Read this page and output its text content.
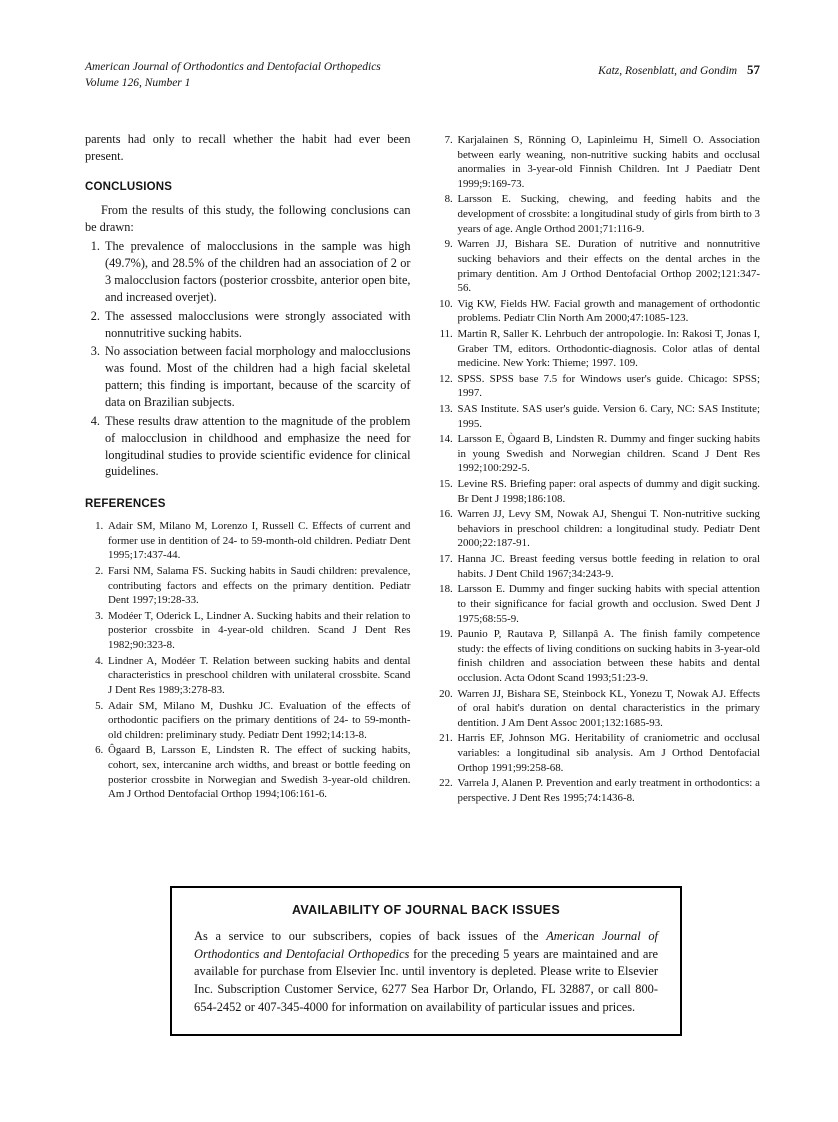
American Journal of Orthodontics and Dentofacial Orthopedics
Volume 126, Number 1
Katz, Rosenblatt, and Gondim 57

parents had only to recall whether the habit had ever been present.

CONCLUSIONS

From the results of this study, the following conclusions can be drawn:

1. The prevalence of malocclusions in the sample was high (49.7%), and 28.5% of the children had an association of 2 or 3 malocclusion factors (posterior crossbite, anterior open bite, and increased overjet).
2. The assessed malocclusions were strongly associated with nonnutritive sucking habits.
3. No association between facial morphology and malocclusions was found. Most of the children had a high facial skeletal pattern; this finding is important, because of the scarcity of data on Brazilian subjects.
4. These results draw attention to the magnitude of the problem of malocclusion in childhood and emphasize the need for longitudinal studies to provide scientific evidence for clinical guidelines.
REFERENCES
1. Adair SM, Milano M, Lorenzo I, Russell C. Effects of current and former use in dentition of 24- to 59-month-old children. Pediatr Dent 1995;17:437-44.
2. Farsi NM, Salama FS. Sucking habits in Saudi children: prevalence, contributing factors and effects on the primary dentition. Pediatr Dent 1997;19:28-33.
3. Modéer T, Oderick L, Lindner A. Sucking habits and their relation to posterior crossbite in 4-year-old children. Scand J Dent Res 1982;90:323-8.
4. Lindner A, Modéer T. Relation between sucking habits and dental characteristics in preschool children with unilateral crossbite. Scand J Dent Res 1989;3:278-83.
5. Adair SM, Milano M, Dushku JC. Evaluation of the effects of orthodontic pacifiers on the primary dentitions of 24- to 59-month-old children: preliminary study. Pediatr Dent 1992;14:13-8.
6. Ôgaard B, Larsson E, Lindsten R. The effect of sucking habits, cohort, sex, intercanine arch widths, and breast or bottle feeding on posterior crossbite in Norwegian and Swedish 3-year-old children. Am J Orthod Dentofacial Orthop 1994;106:161-6.
7. Karjalainen S, Rönning O, Lapinleimu H, Simell O. Association between early weaning, non-nutritive sucking habits and occlusal anormalies in 3-year-old Finnish Children. Int J Paediatr Dent 1999;9:169-73.
8. Larsson E. Sucking, chewing, and feeding habits and the development of crossbite: a longitudinal study of girls from birth to 3 years of age. Angle Orthod 2001;71:116-9.
9. Warren JJ, Bishara SE. Duration of nutritive and nonnutritive sucking behaviors and their effects on the dental arches in the primary dentition. Am J Orthod Dentofacial Orthop 2002;121:347-56.
10. Vig KW, Fields HW. Facial growth and management of orthodontic problems. Pediatr Clin North Am 2000;47:1085-123.
11. Martin R, Saller K. Lehrbuch der antropologie. In: Rakosi T, Jonas I, Graber TM, editors. Orthodontic-diagnosis. Color atlas of dental medicine. New York: Thieme; 1997. 109.
12. SPSS. SPSS base 7.5 for Windows user's guide. Chicago: SPSS; 1997.
13. SAS Institute. SAS user's guide. Version 6. Cary, NC: SAS Institute; 1995.
14. Larsson E, Ògaard B, Lindsten R. Dummy and finger sucking habits in young Swedish and Norwegian children. Scand J Dent Res 1992;100:292-5.
15. Levine RS. Briefing paper: oral aspects of dummy and digit sucking. Br Dent J 1998;186:108.
16. Warren JJ, Levy SM, Nowak AJ, Shengui T. Non-nutritive sucking behaviors in preschool children: a longitudinal study. Pediatr Dent 2000;22:187-91.
17. Hanna JC. Breast feeding versus bottle feeding in relation to oral habits. J Dent Child 1967;34:243-9.
18. Larsson E. Dummy and finger sucking habits with special attention to their significance for facial growth and occlusion. Swed Dent J 1975;68:55-9.
19. Paunio P, Rautava P, Sillanpâ A. The finish family competence study: the effects of living conditions on sucking habits in 3-year-old finish children and association between these habits and dental occlusion. Acta Odont Scand 1993;51:23-9.
20. Warren JJ, Bishara SE, Steinbock KL, Yonezu T, Nowak AJ. Effects of oral habit's duration on dental characteristics in the primary dentition. J Am Dent Assoc 2001;132:1685-93.
21. Harris EF, Johnson MG. Heritability of craniometric and occlusal variables: a longitudinal sib analysis. Am J Orthod Dentofacial Orthop 1991;99:258-68.
22. Varrela J, Alanen P. Prevention and early treatment in orthodontics: a perspective. J Dent Res 1995;74:1436-8.
AVAILABILITY OF JOURNAL BACK ISSUES

As a service to our subscribers, copies of back issues of the American Journal of Orthodontics and Dentofacial Orthopedics for the preceding 5 years are maintained and are available for purchase from Elsevier Inc. until inventory is depleted. Please write to Elsevier Inc. Subscription Customer Service, 6277 Sea Harbor Dr, Orlando, FL 32887, or call 800-654-2452 or 407-345-4000 for information on availability of particular issues and prices.
